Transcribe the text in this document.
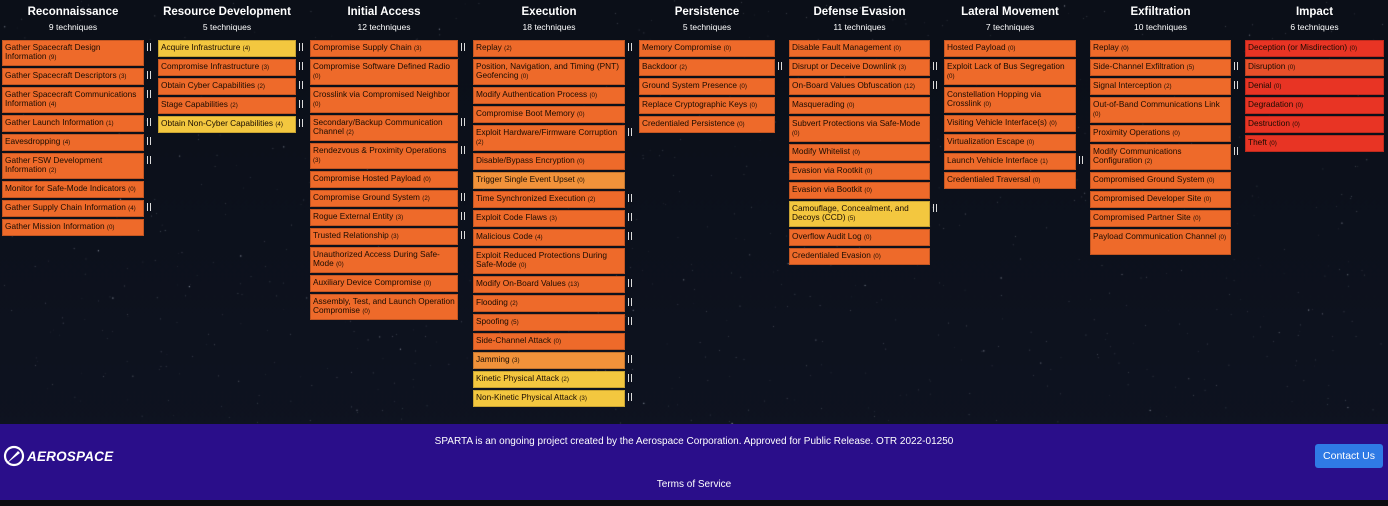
Reconnaissance
9 techniques
Gather Spacecraft Design Information (9)
Gather Spacecraft Descriptors (3)
Gather Spacecraft Communications Information (4)
Gather Launch Information (1)
Eavesdropping (4)
Gather FSW Development Information (2)
Monitor for Safe-Mode Indicators (0)
Gather Supply Chain Information (4)
Gather Mission Information (0)
Resource Development
5 techniques
Acquire Infrastructure (4)
Compromise Infrastructure (3)
Obtain Cyber Capabilities (2)
Stage Capabilities (2)
Obtain Non-Cyber Capabilities (4)
Initial Access
12 techniques
Compromise Supply Chain (3)
Compromise Software Defined Radio (0)
Crosslink via Compromised Neighbor (0)
Secondary/Backup Communication Channel (2)
Rendezvous & Proximity Operations (3)
Compromise Hosted Payload (0)
Compromise Ground System (2)
Rogue External Entity (3)
Trusted Relationship (3)
Unauthorized Access During Safe-Mode (0)
Auxiliary Device Compromise (0)
Assembly, Test, and Launch Operation Compromise (0)
Execution
18 techniques
Replay (2)
Position, Navigation, and Timing (PNT) Geofencing (0)
Modify Authentication Process (0)
Compromise Boot Memory (0)
Exploit Hardware/Firmware Corruption (2)
Disable/Bypass Encryption (0)
Trigger Single Event Upset (0)
Time Synchronized Execution (2)
Exploit Code Flaws (3)
Malicious Code (4)
Exploit Reduced Protections During Safe-Mode (0)
Modify On-Board Values (13)
Flooding (2)
Spoofing (5)
Side-Channel Attack (0)
Jamming (3)
Kinetic Physical Attack (2)
Non-Kinetic Physical Attack (3)
Persistence
5 techniques
Memory Compromise (0)
Backdoor (2)
Ground System Presence (0)
Replace Cryptographic Keys (0)
Credentialed Persistence (0)
Defense Evasion
11 techniques
Disable Fault Management (0)
Disrupt or Deceive Downlink (3)
On-Board Values Obfuscation (12)
Masquerading (0)
Subvert Protections via Safe-Mode (0)
Modify Whitelist (0)
Evasion via Rootkit (0)
Evasion via Bootkit (0)
Camouflage, Concealment, and Decoys (CCD) (5)
Overflow Audit Log (0)
Credentialed Evasion (0)
Lateral Movement
7 techniques
Hosted Payload (0)
Exploit Lack of Bus Segregation (0)
Constellation Hopping via Crosslink (0)
Visiting Vehicle Interface(s) (0)
Virtualization Escape (0)
Launch Vehicle Interface (1)
Credentialed Traversal (0)
Exfiltration
10 techniques
Replay (0)
Side-Channel Exfiltration (5)
Signal Interception (2)
Out-of-Band Communications Link (0)
Proximity Operations (0)
Modify Communications Configuration (2)
Compromised Ground System (0)
Compromised Developer Site (0)
Compromised Partner Site (0)
Payload Communication Channel (0)
Impact
6 techniques
Deception (or Misdirection) (0)
Disruption (0)
Denial (0)
Degradation (0)
Destruction (0)
Theft (0)
AEROSPACE
SPARTA is an ongoing project created by the Aerospace Corporation. Approved for Public Release. OTR 2022-01250
Terms of Service
Contact Us
